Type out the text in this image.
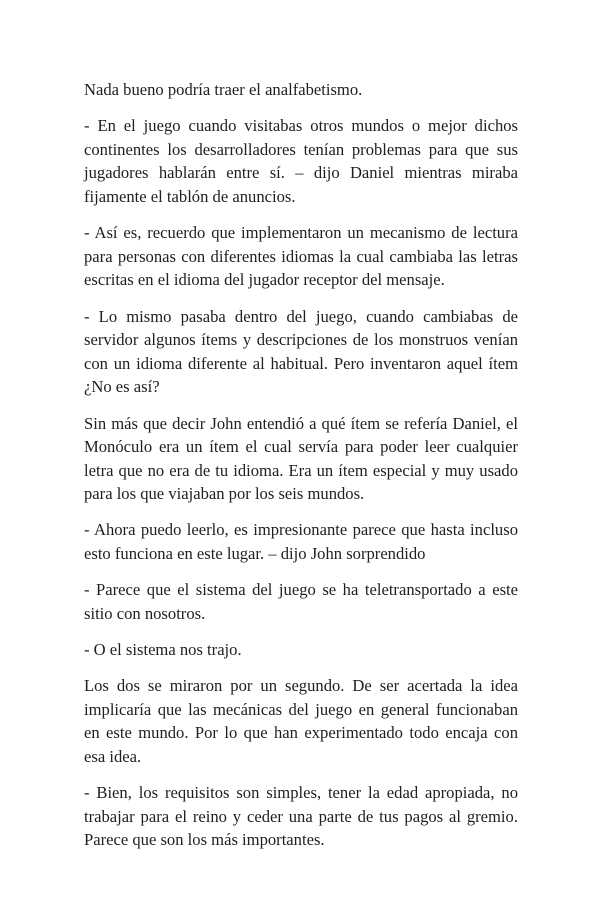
Nada bueno podría traer el analfabetismo.

- En el juego cuando visitabas otros mundos o mejor dichos continentes los desarrolladores tenían problemas para que sus jugadores hablarán entre sí. – dijo Daniel mientras miraba fijamente el tablón de anuncios.

- Así es, recuerdo que implementaron un mecanismo de lectura para personas con diferentes idiomas la cual cambiaba las letras escritas en el idioma del jugador receptor del mensaje.

- Lo mismo pasaba dentro del juego, cuando cambiabas de servidor algunos ítems y descripciones de los monstruos venían con un idioma diferente al habitual. Pero inventaron aquel ítem ¿No es así?

Sin más que decir John entendió a qué ítem se refería Daniel, el Monóculo era un ítem el cual servía para poder leer cualquier letra que no era de tu idioma. Era un ítem especial y muy usado para los que viajaban por los seis mundos.

- Ahora puedo leerlo, es impresionante parece que hasta incluso esto funciona en este lugar. – dijo John sorprendido

- Parece que el sistema del juego se ha teletransportado a este sitio con nosotros.

- O el sistema nos trajo.

Los dos se miraron por un segundo. De ser acertada la idea implicaría que las mecánicas del juego en general funcionaban en este mundo. Por lo que han experimentado todo encaja con esa idea.

- Bien, los requisitos son simples, tener la edad apropiada, no trabajar para el reino y ceder una parte de tus pagos al gremio. Parece que son los más importantes.
